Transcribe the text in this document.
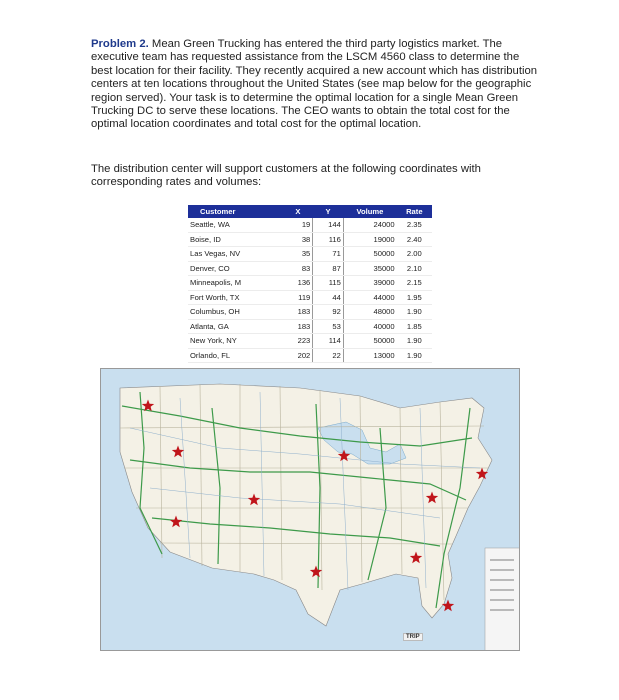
Problem 2. Mean Green Trucking has entered the third party logistics market. The executive team has requested assistance from the LSCM 4560 class to determine the best location for their facility. They recently acquired a new account which has distribution centers at ten locations throughout the United States (see map below for the geographic region served). Your task is to determine the optimal location for a single Mean Green Trucking DC to serve these locations. The CEO wants to obtain the total cost for the optimal location coordinates and total cost for the optimal location.
The distribution center will support customers at the following coordinates with corresponding rates and volumes:
Customer	X	Y	Volume	Rate
Seattle, WA	19	144	24000	2.35
Boise, ID	38	116	19000	2.40
Las Vegas, NV	35	71	50000	2.00
Denver, CO	83	87	35000	2.10
Minneapolis, M	136	115	39000	2.15
Fort Worth, TX	119	44	44000	1.95
Columbus, OH	183	92	48000	1.90
Atlanta, GA	183	53	40000	1.85
New York, NY	223	114	50000	1.90
Orlando, FL	202	22	13000	1.90
TRIP
